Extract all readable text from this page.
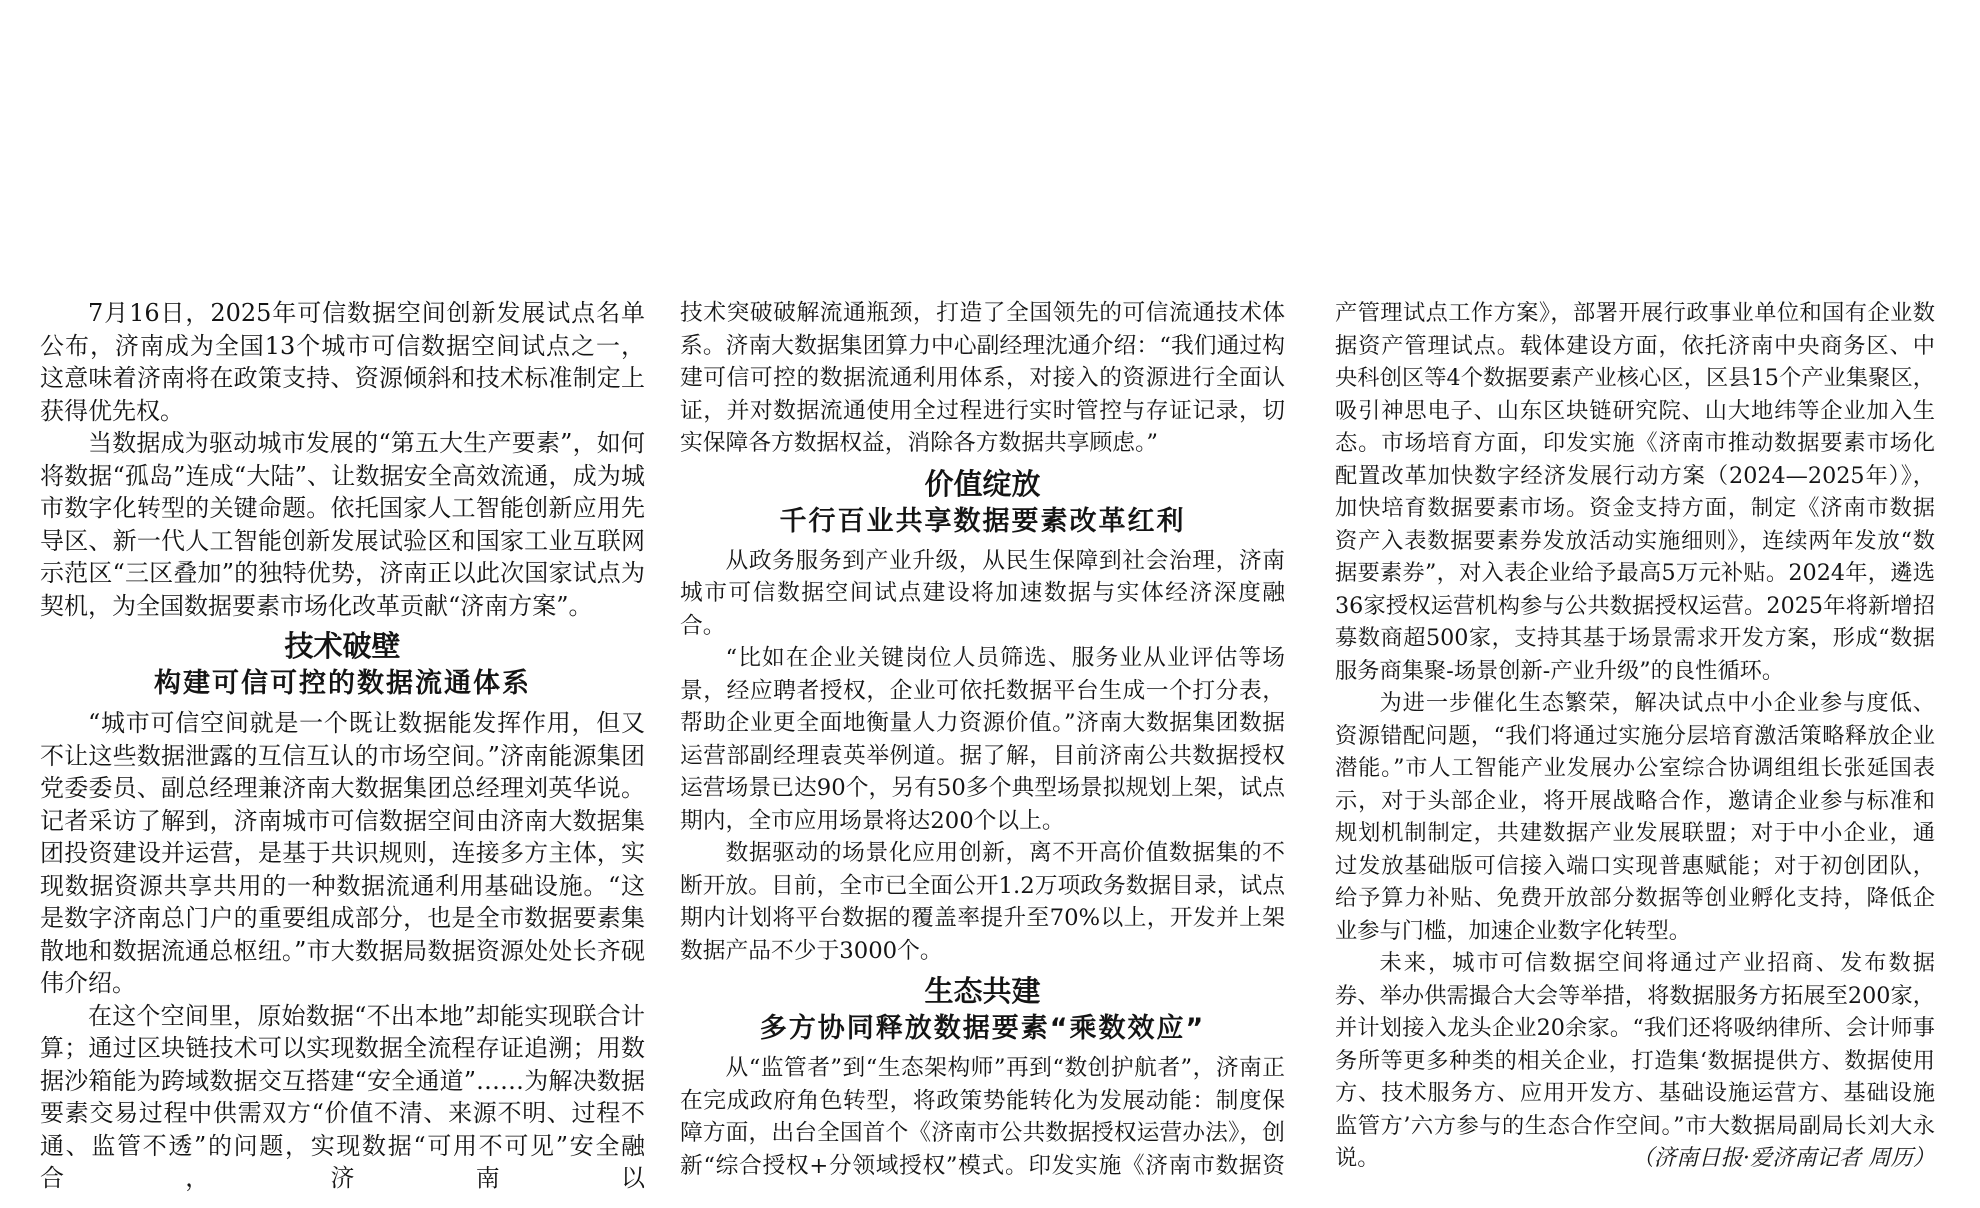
7月16日，2025年可信数据空间创新发展试点名单公布，济南成为全国13个城市可信数据空间试点之一，这意味着济南将在政策支持、资源倾斜和技术标准制定上获得优先权。

当数据成为驱动城市发展的“第五大生产要素”，如何将数据“孤岛”连成“大陆”、让数据安全高效流通，成为城市数字化转型的关键命题。依托国家人工智能创新应用先导区、新一代人工智能创新发展试验区和国家工业互联网示范区“三区叠加”的独特优势，济南正以此次国家试点为契机，为全国数据要素市场化改革贡献“济南方案”。

技术破壁
构建可信可控的数据流通体系

“城市可信空间就是一个既让数据能发挥作用，但又不让这些数据泄露的互信互认的市场空间。”济南能源集团党委委员、副总经理兼济南大数据集团总经理刘英华说。记者采访了解到，济南城市可信数据空间由济南大数据集团投资建设并运营，是基于共识规则，连接多方主体，实现数据资源共享共用的一种数据流通利用基础设施。“这是数字济南总门户的重要组成部分，也是全市数据要素集散地和数据流通总枢纽。”市大数据局数据资源处处长齐砚伟介绍。

在这个空间里，原始数据“不出本地”却能实现联合计算；通过区块链技术可以实现数据全流程存证追溯；用数据沙箱能为跨域数据交互搭建“安全通道”……为解决数据要素交易过程中供需双方“价值不清、来源不明、过程不通、监管不透”的问题，实现数据“可用不可见”安全融合，济南以

技术突破破解流通瓶颈，打造了全国领先的可信流通技术体系。济南大数据集团算力中心副经理沈通介绍：“我们通过构建可信可控的数据流通利用体系，对接入的资源进行全面认证，并对数据流通使用全过程进行实时管控与存证记录，切实保障各方数据权益，消除各方数据共享顾虑。”

价值绽放
千行百业共享数据要素改革红利

从政务服务到产业升级，从民生保障到社会治理，济南城市可信数据空间试点建设将加速数据与实体经济深度融合。

“比如在企业关键岗位人员筛选、服务业从业评估等场景，经应聘者授权，企业可依托数据平台生成一个打分表，帮助企业更全面地衡量人力资源价值。”济南大数据集团数据运营部副经理袁英举例道。据了解，目前济南公共数据授权运营场景已达90个，另有50多个典型场景拟规划上架，试点期内，全市应用场景将达200个以上。

数据驱动的场景化应用创新，离不开高价值数据集的不断开放。目前，全市已全面公开1.2万项政务数据目录，试点期内计划将平台数据的覆盖率提升至70%以上，开发并上架数据产品不少于3000个。

生态共建
多方协同释放数据要素“乘数效应”

从“监管者”到“生态架构师”再到“数创护航者”，济南正在完成政府角色转型，将政策势能转化为发展动能：制度保障方面，出台全国首个《济南市公共数据授权运营办法》，创新“综合授权+分领域授权”模式。印发实施《济南市数据资

产管理试点工作方案》，部署开展行政事业单位和国有企业数据资产管理试点。载体建设方面，依托济南中央商务区、中央科创区等4个数据要素产业核心区，区县15个产业集聚区，吸引神思电子、山东区块链研究院、山大地纬等企业加入生态。市场培育方面，印发实施《济南市推动数据要素市场化配置改革加快数字经济发展行动方案（2024—2025年）》，加快培育数据要素市场。资金支持方面，制定《济南市数据资产入表数据要素券发放活动实施细则》，连续两年发放“数据要素券”，对入表企业给予最高5万元补贴。2024年，遴选36家授权运营机构参与公共数据授权运营。2025年将新增招募数商超500家，支持其基于场景需求开发方案，形成“数据服务商集聚-场景创新-产业升级”的良性循环。

为进一步催化生态繁荣，解决试点中小企业参与度低、资源错配问题，“我们将通过实施分层培育激活策略释放企业潜能。”市人工智能产业发展办公室综合协调组组长张延国表示，对于头部企业，将开展战略合作，邀请企业参与标准和规划机制制定，共建数据产业发展联盟；对于中小企业，通过发放基础版可信接入端口实现普惠赋能；对于初创团队，给予算力补贴、免费开放部分数据等创业孵化支持，降低企业参与门槛，加速企业数字化转型。

未来，城市可信数据空间将通过产业招商、发布数据券、举办供需撮合大会等举措，将数据服务方拓展至200家，并计划接入龙头企业20余家。“我们还将吸纳律所、会计师事务所等更多种类的相关企业，打造集‘数据提供方、数据使用方、技术服务方、应用开发方、基础设施运营方、基础设施监管方’六方参与的生态合作空间。”市大数据局副局长刘大永说。	（济南日报·爱济南记者 周历）
